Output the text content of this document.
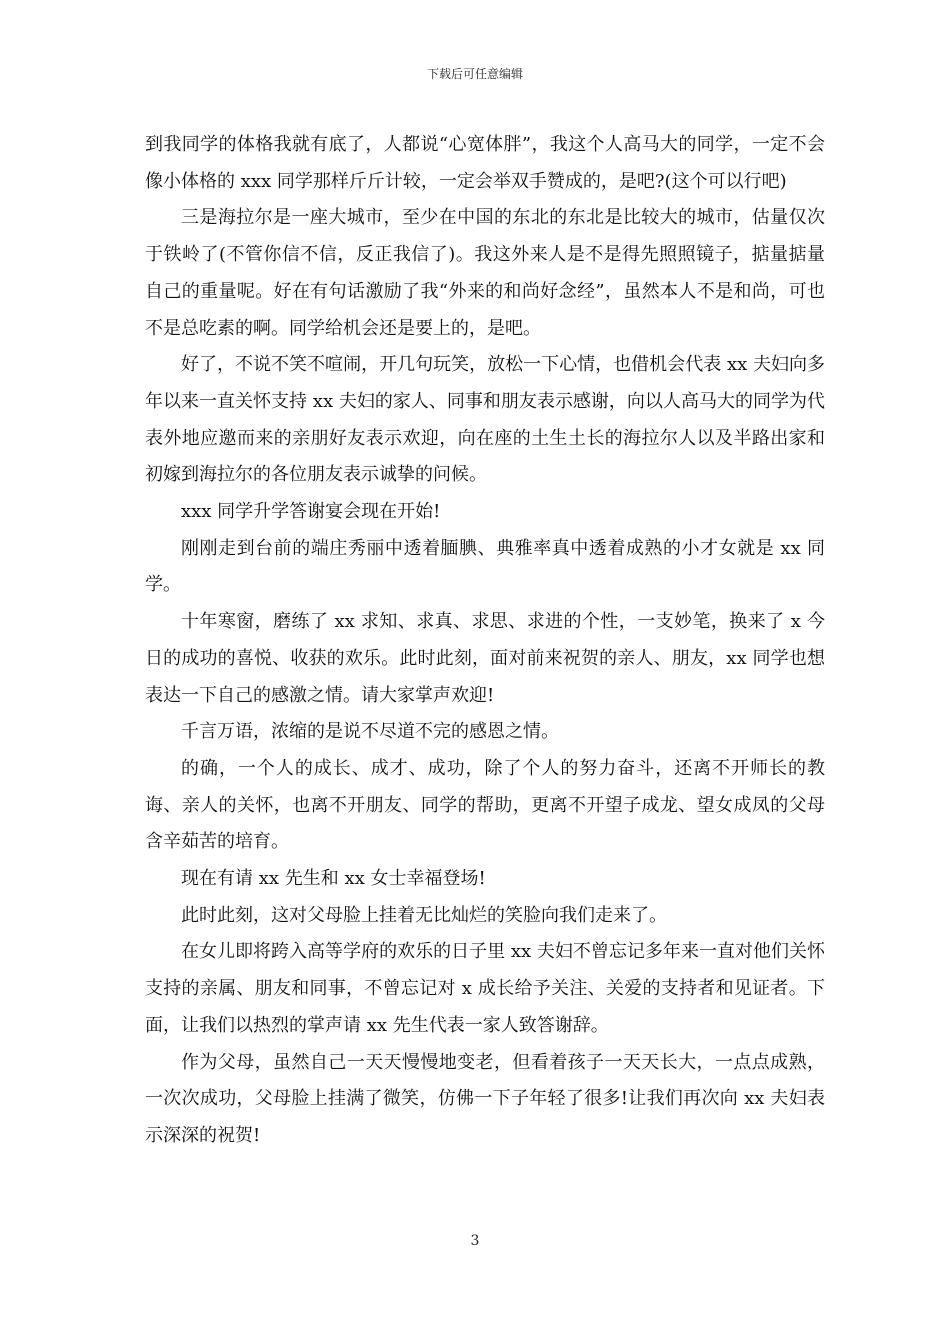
下载后可任意编辑

到我同学的体格我就有底了，人都说“心宽体胖”，我这个人高马大的同学，一定不会像小体格的 xxx 同学那样斤斤计较，一定会举双手赞成的，是吧?(这个可以行吧)

三是海拉尔是一座大城市，至少在中国的东北的东北是比较大的城市，估量仅次于铁岭了(不管你信不信，反正我信了)。我这外来人是不是得先照照镜子，掂量掂量自己的重量呢。好在有句话激励了我“外来的和尚好念经”，虽然本人不是和尚，可也不是总吃素的啊。同学给机会还是要上的，是吧。

好了，不说不笑不喧闹，开几句玩笑，放松一下心情，也借机会代表 xx 夫妇向多年以来一直关怀支持 xx 夫妇的家人、同事和朋友表示感谢，向以人高马大的同学为代表外地应邀而来的亲朋好友表示欢迎，向在座的土生土长的海拉尔人以及半路出家和初嫁到海拉尔的各位朋友表示诚挚的问候。

xxx 同学升学答谢宴会现在开始!

刚刚走到台前的端庄秀丽中透着腼腆、典雅率真中透着成熟的小才女就是 xx 同学。

十年寒窗，磨练了 xx 求知、求真、求思、求进的个性，一支妙笔，换来了 x 今日的成功的喜悦、收获的欢乐。此时此刻，面对前来祝贺的亲人、朋友，xx 同学也想表达一下自己的感激之情。请大家掌声欢迎!

千言万语，浓缩的是说不尽道不完的感恩之情。

的确，一个人的成长、成才、成功，除了个人的努力奋斗，还离不开师长的教诲、亲人的关怀，也离不开朋友、同学的帮助，更离不开望子成龙、望女成凤的父母含辛茹苦的培育。

现在有请 xx 先生和 xx 女士幸福登场!

此时此刻，这对父母脸上挂着无比灿烂的笑脸向我们走来了。

在女儿即将跨入高等学府的欢乐的日子里 xx 夫妇不曾忘记多年来一直对他们关怀支持的亲属、朋友和同事，不曾忘记对 x 成长给予关注、关爱的支持者和见证者。下面，让我们以热烈的掌声请 xx 先生代表一家人致答谢辞。

作为父母，虽然自己一天天慢慢地变老，但看着孩子一天天长大，一点点成熟，一次次成功，父母脸上挂满了微笑，仿佛一下子年轻了很多!让我们再次向 xx 夫妇表示深深的祝贺!

3
